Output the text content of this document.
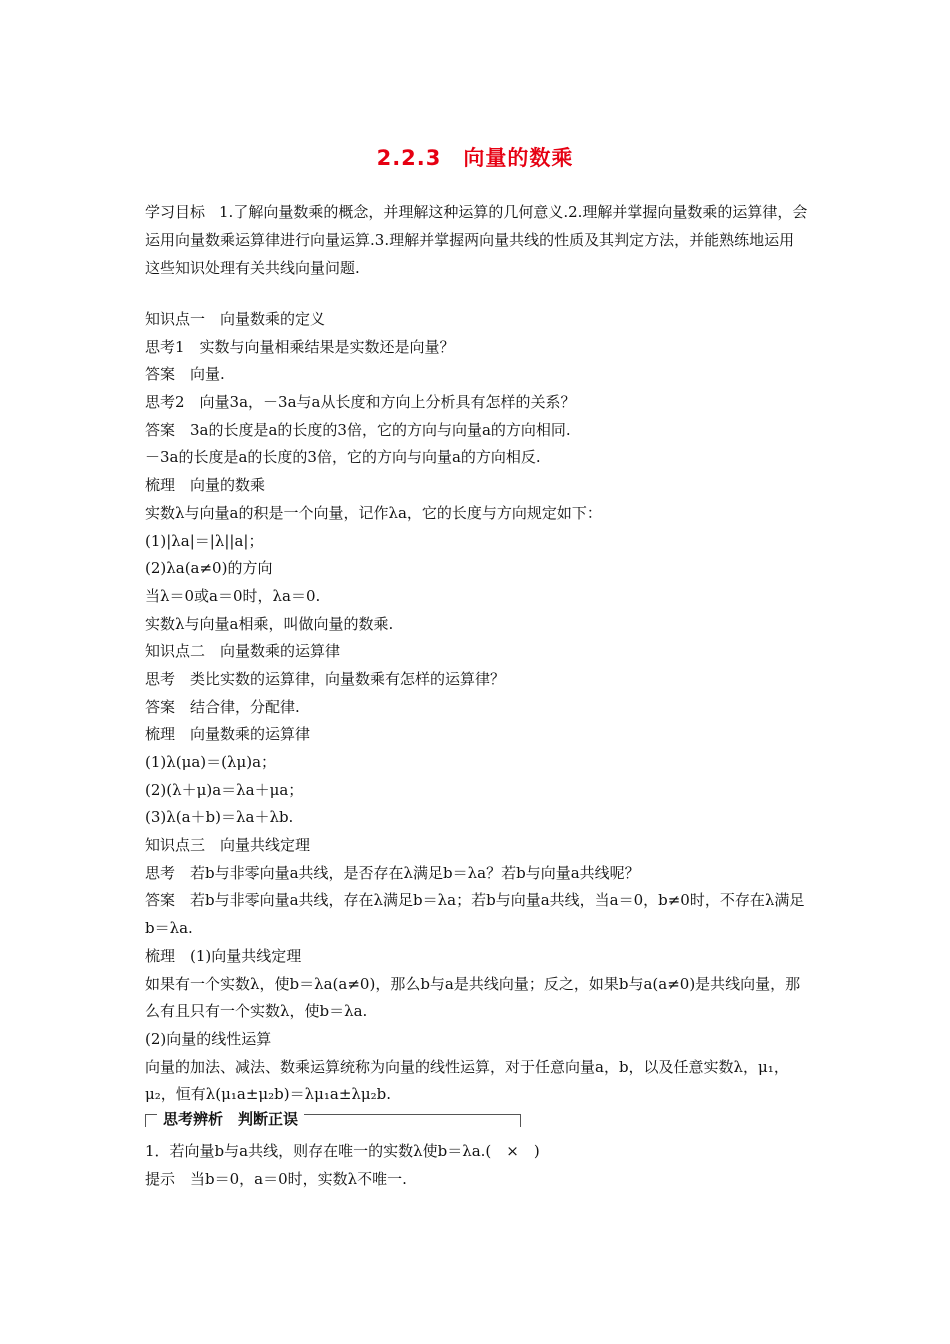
2.2.3　向量的数乘
学习目标 1.了解向量数乘的概念，并理解这种运算的几何意义.2.理解并掌握向量数乘的运算律，会运用向量数乘运算律进行向量运算.3.理解并掌握两向量共线的性质及其判定方法，并能熟练地运用这些知识处理有关共线向量问题.
知识点一　向量数乘的定义
思考1　实数与向量相乘结果是实数还是向量？
答案　向量.
思考2　向量3a，－3a与a从长度和方向上分析具有怎样的关系？
答案　3a的长度是a的长度的3倍，它的方向与向量a的方向相同.
－3a的长度是a的长度的3倍，它的方向与向量a的方向相反.
梳理　向量的数乘
实数λ与向量a的积是一个向量，记作λa，它的长度与方向规定如下：
(1)|λa|＝|λ||a|；
(2)λa(a≠0)的方向
当λ＝0或a＝0时，λa＝0.
实数λ与向量a相乘，叫做向量的数乘.
知识点二　向量数乘的运算律
思考　类比实数的运算律，向量数乘有怎样的运算律？
答案　结合律，分配律.
梳理　向量数乘的运算律
(1)λ(μa)＝(λμ)a；
(2)(λ＋μ)a＝λa＋μa；
(3)λ(a＋b)＝λa＋λb.
知识点三　向量共线定理
思考　若b与非零向量a共线，是否存在λ满足b＝λa？若b与向量a共线呢？
答案　若b与非零向量a共线，存在λ满足b＝λa；若b与向量a共线，当a＝0，b≠0时，不存在λ满足b＝λa.
梳理　(1)向量共线定理
如果有一个实数λ，使b＝λa(a≠0)，那么b与a是共线向量；反之，如果b与a(a≠0)是共线向量，那么有且只有一个实数λ，使b＝λa.
(2)向量的线性运算
向量的加法、减法、数乘运算统称为向量的线性运算，对于任意向量a，b，以及任意实数λ，μ₁，μ₂，恒有λ(μ₁a±μ₂b)＝λμ₁a±λμ₂b.
思考辨析　判断正误
1．若向量b与a共线，则存在唯一的实数λ使b＝λa.(　×　)
提示　当b＝0，a＝0时，实数λ不唯一.
